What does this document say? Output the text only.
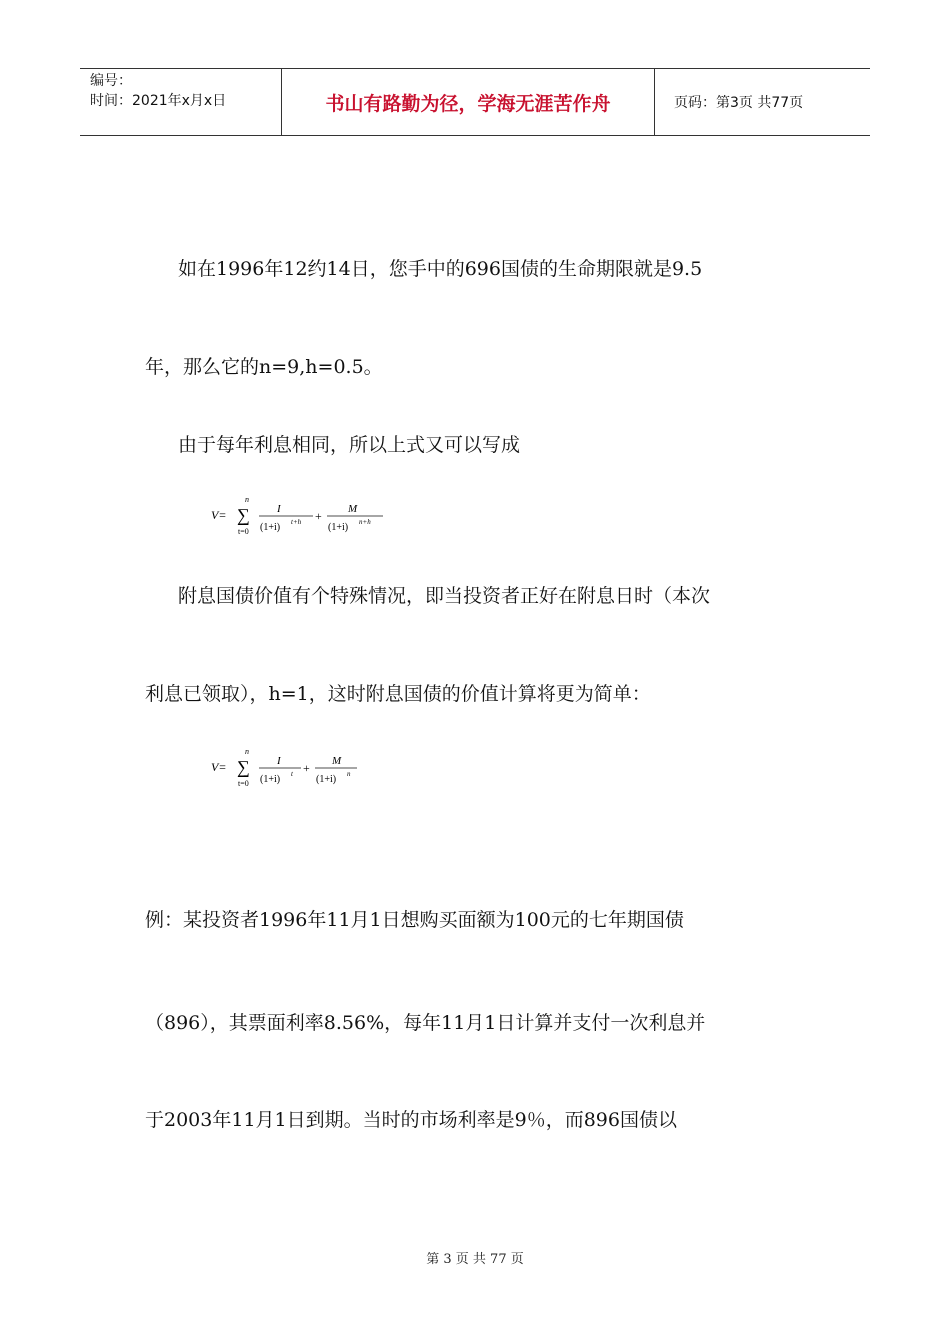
编号：
时间：2021年x月x日	书山有路勤为径，学海无涯苦作舟	页码：第3页 共77页
如在1996年12约14日，您手中的696国债的生命期限就是9.5
年，那么它的n=9,h=0.5。
由于每年利息相同，所以上式又可以写成
V=
n
∑
t=0
I
(1+i) t+h + M
(1+i) n+h
附息国债价值有个特殊情况，即当投资者正好在附息日时（本次
利息已领取），h=1，这时附息国债的价值计算将更为简单：
V=
n
∑
t=0
I
(1+i) t + M
(1+i) n
例：某投资者1996年11月1日想购买面额为100元的七年期国债
（896），其票面利率8.56%，每年11月1日计算并支付一次利息并
于2003年11月1日到期。当时的市场利率是9％，而896国债以
第 3 页 共 77 页
